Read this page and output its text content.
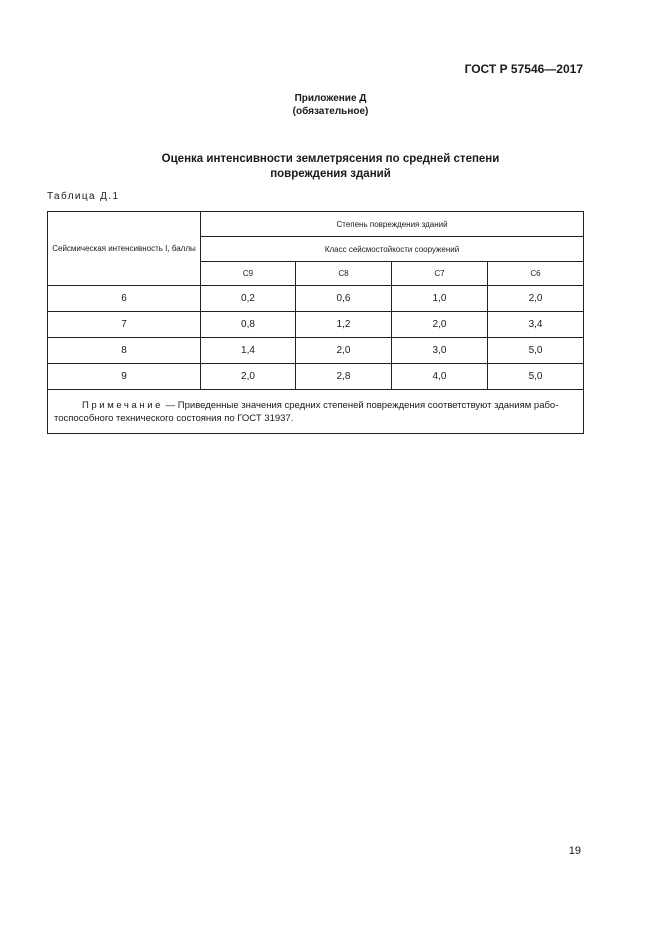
ГОСТ Р 57546—2017

Приложение Д
(обязательное)
Оценка интенсивности землетрясения по средней степени
повреждения зданий

Таблица Д.1

Сейсмическая интенсивность I, баллы	Степень повреждения зданий			
	Класс сейсмостойкости сооружений			
	С9	С8	С7	С6
6	0,2	0,6	1,0	2,0
7	0,8	1,2	2,0	3,4
8	1,4	2,0	3,0	5,0
9	2,0	2,8	4,0	5,0
Примечание — Приведенные значения средних степеней повреждения соответствуют зданиям рабо-тоспособного технического состояния по ГОСТ 31937.				

19
